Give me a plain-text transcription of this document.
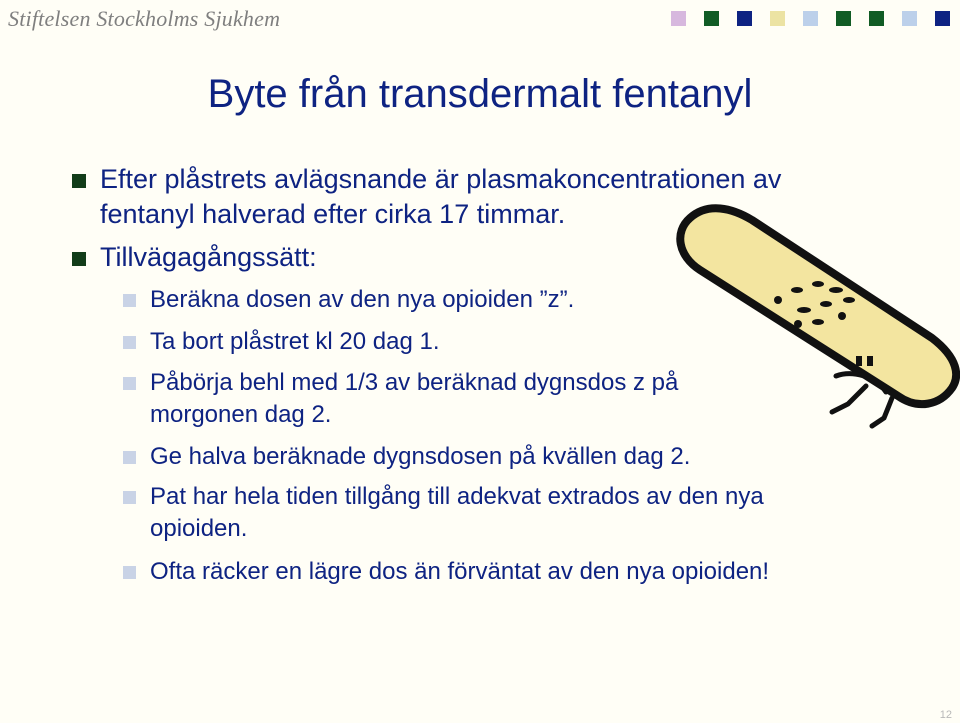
Stiftelsen Stockholms Sjukhem
Byte från transdermalt fentanyl
Efter plåstrets avlägsnande är plasmakoncentrationen av
fentanyl halverad efter cirka 17 timmar.
Tillvägagångssätt:
Beräkna dosen av den nya opioiden ”z”.
Ta bort plåstret kl 20 dag 1.
Påbörja behl med 1/3 av beräknad dygnsdos z på
morgonen dag 2.
Ge halva beräknade dygnsdosen på kvällen dag 2.
Pat har hela tiden tillgång till adekvat extrados av den nya
opioiden.
Ofta räcker en lägre dos än förväntat av den nya opioiden!
12
